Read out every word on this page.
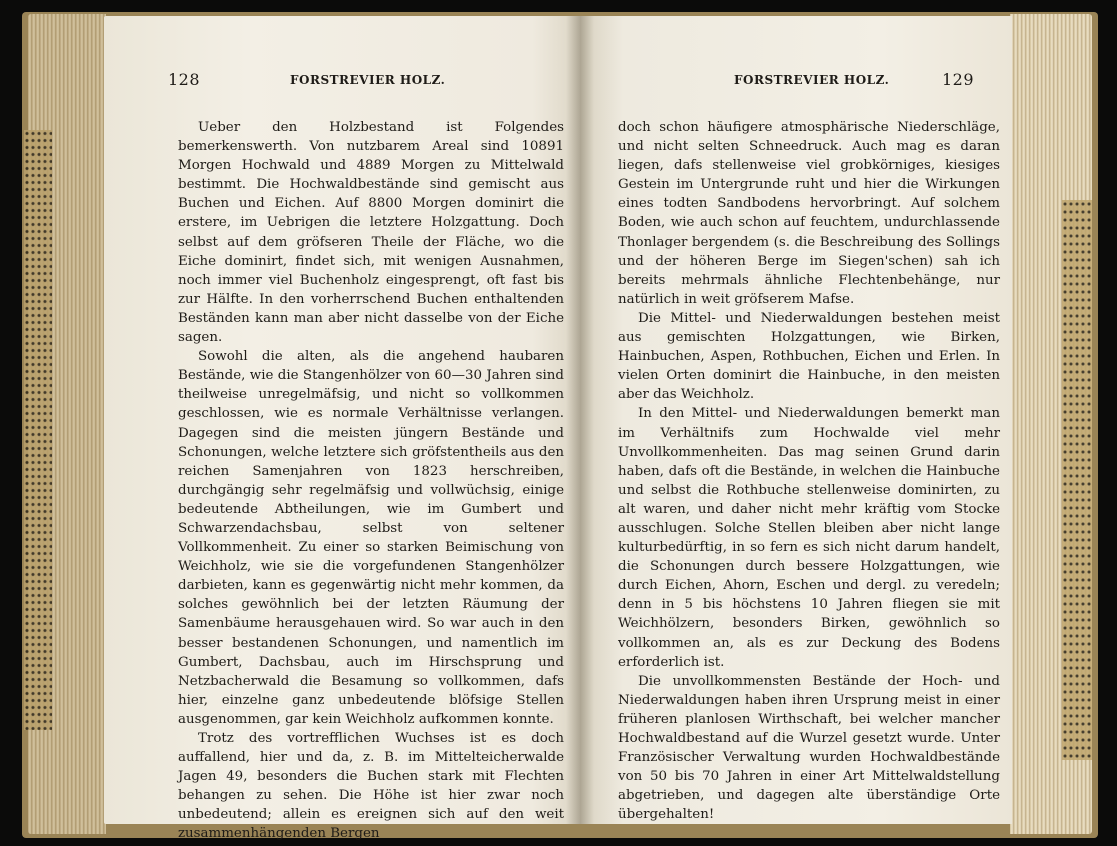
128	FORSTREVIER HOLZ.

Ueber den Holzbestand ist Folgendes bemerkenswerth. Von nutzbarem Areal sind 10891 Morgen Hochwald und 4889 Morgen zu Mittelwald bestimmt. Die Hochwaldbestände sind gemischt aus Buchen und Eichen. Auf 8800 Morgen dominirt die erstere, im Uebrigen die letztere Holzgattung. Doch selbst auf dem gröfseren Theile der Fläche, wo die Eiche dominirt, findet sich, mit wenigen Ausnahmen, noch immer viel Buchenholz eingesprengt, oft fast bis zur Hälfte. In den vorherrschend Buchen enthaltenden Beständen kann man aber nicht dasselbe von der Eiche sagen.

Sowohl die alten, als die angehend haubaren Bestände, wie die Stangenhölzer von 60—30 Jahren sind theilweise unregelmäfsig, und nicht so vollkommen geschlossen, wie es normale Verhältnisse verlangen. Dagegen sind die meisten jüngern Bestände und Schonungen, welche letztere sich gröfstentheils aus den reichen Samenjahren von 1823 herschreiben, durchgängig sehr regelmäfsig und vollwüchsig, einige bedeutende Abtheilungen, wie im Gumbert und Schwarzendachsbau, selbst von seltener Vollkommenheit. Zu einer so starken Beimischung von Weichholz, wie sie die vorgefundenen Stangenhölzer darbieten, kann es gegenwärtig nicht mehr kommen, da solches gewöhnlich bei der letzten Räumung der Samenbäume herausgehauen wird. So war auch in den besser bestandenen Schonungen, und namentlich im Gumbert, Dachsbau, auch im Hirschsprung und Netzbacherwald die Besamung so vollkommen, dafs hier, einzelne ganz unbedeutende blöfsige Stellen ausgenommen, gar kein Weichholz aufkommen konnte.

Trotz des vortrefflichen Wuchses ist es doch auffallend, hier und da, z. B. im Mittelteicherwalde Jagen 49, besonders die Buchen stark mit Flechten behangen zu sehen. Die Höhe ist hier zwar noch unbedeutend; allein es ereignen sich auf den weit zusammenhängenden Bergen

FORSTREVIER HOLZ.	129

doch schon häufigere atmosphärische Niederschläge, und nicht selten Schneedruck. Auch mag es daran liegen, dafs stellenweise viel grobkörniges, kiesiges Gestein im Untergrunde ruht und hier die Wirkungen eines todten Sandbodens hervorbringt. Auf solchem Boden, wie auch schon auf feuchtem, undurchlassende Thonlager bergendem (s. die Beschreibung des Sollings und der höheren Berge im Siegen'schen) sah ich bereits mehrmals ähnliche Flechtenbehänge, nur natürlich in weit gröfserem Mafse.

Die Mittel- und Niederwaldungen bestehen meist aus gemischten Holzgattungen, wie Birken, Hainbuchen, Aspen, Rothbuchen, Eichen und Erlen. In vielen Orten dominirt die Hainbuche, in den meisten aber das Weichholz.

In den Mittel- und Niederwaldungen bemerkt man im Verhältnifs zum Hochwalde viel mehr Unvollkommenheiten. Das mag seinen Grund darin haben, dafs oft die Bestände, in welchen die Hainbuche und selbst die Rothbuche stellenweise dominirten, zu alt waren, und daher nicht mehr kräftig vom Stocke ausschlugen. Solche Stellen bleiben aber nicht lange kulturbedürftig, in so fern es sich nicht darum handelt, die Schonungen durch bessere Holzgattungen, wie durch Eichen, Ahorn, Eschen und dergl. zu veredeln; denn in 5 bis höchstens 10 Jahren fliegen sie mit Weichhölzern, besonders Birken, gewöhnlich so vollkommen an, als es zur Deckung des Bodens erforderlich ist.

Die unvollkommensten Bestände der Hoch- und Niederwaldungen haben ihren Ursprung meist in einer früheren planlosen Wirthschaft, bei welcher mancher Hochwaldbestand auf die Wurzel gesetzt wurde. Unter Französischer Verwaltung wurden Hochwaldbestände von 50 bis 70 Jahren in einer Art Mittelwaldstellung abgetrieben, und dagegen alte überständige Orte übergehalten!
